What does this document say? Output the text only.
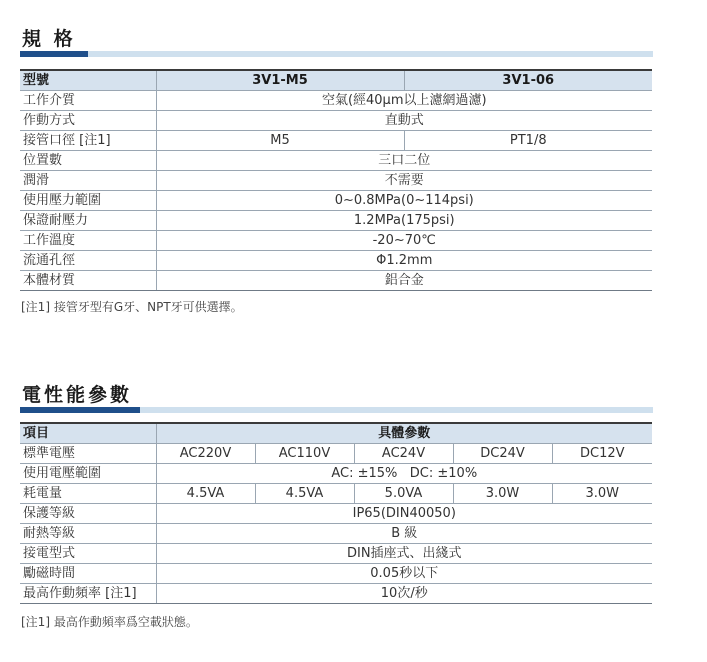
規 格
型號	3V1-M5	3V1-06
工作介質	空氣(經40μm以上濾網過濾)	
作動方式	直動式	
接管口徑 [注1]	M5	PT1/8
位置數	三口二位	
潤滑	不需要	
使用壓力範圍	0~0.8MPa(0~114psi)	
保證耐壓力	1.2MPa(175psi)	
工作溫度	-20~70℃	
流通孔徑	Φ1.2mm	
本體材質	鋁合金	
[注1] 接管牙型有G牙、NPT牙可供選擇。
電性能參數
項目	具體參數				
標準電壓	AC220V	AC110V	AC24V	DC24V	DC12V
使用電壓範圍	AC: ±15%   DC: ±10%				
耗電量	4.5VA	4.5VA	5.0VA	3.0W	3.0W
保護等級	IP65(DIN40050)				
耐熱等級	B 級				
接電型式	DIN插座式、出綫式				
勵磁時間	0.05秒以下				
最高作動頻率 [注1]	10次/秒				
[注1] 最高作動頻率爲空載狀態。
